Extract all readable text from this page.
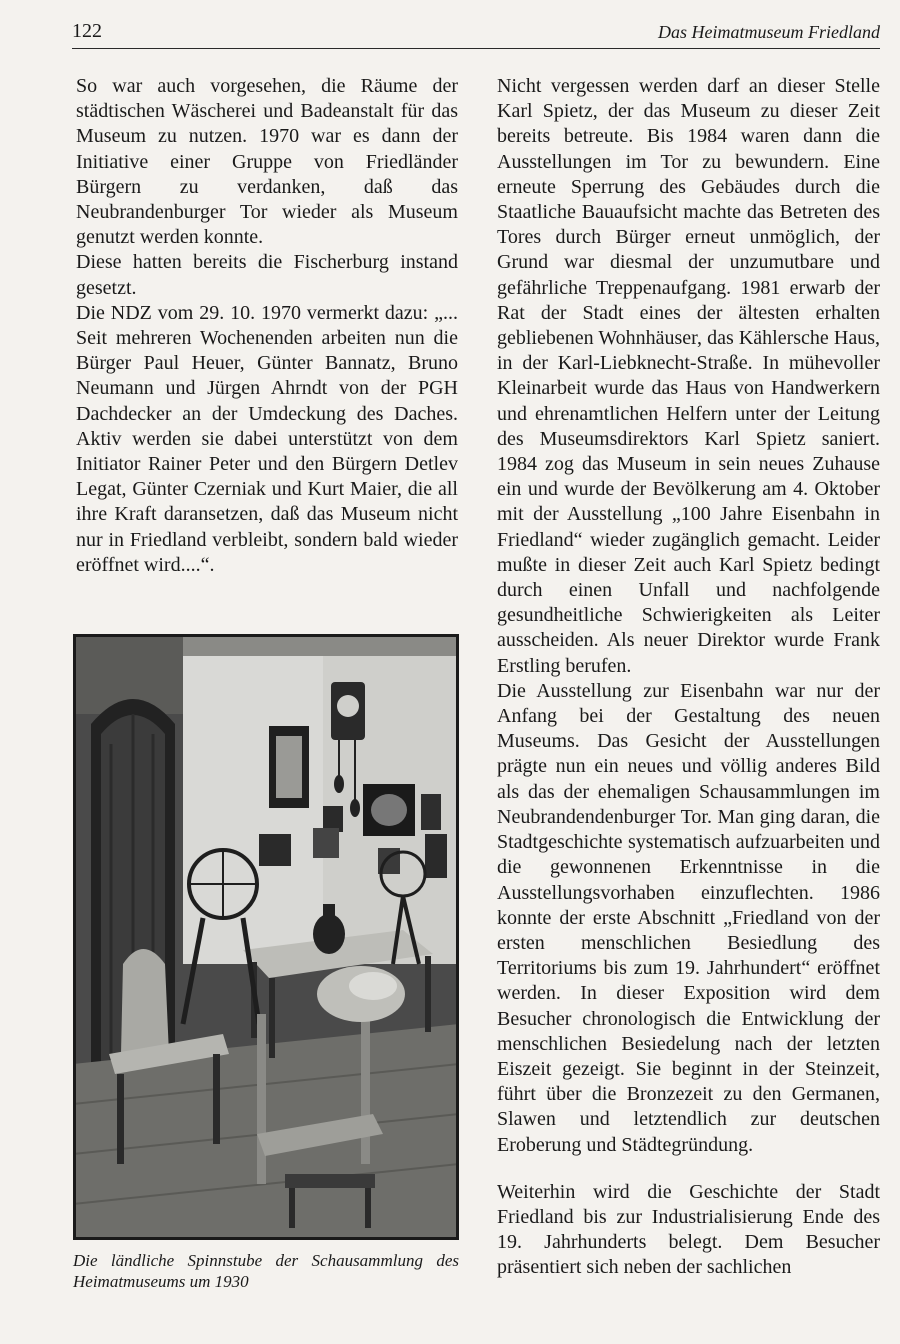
122	Das Heimatmuseum Friedland

So war auch vorgesehen, die Räume der städtischen Wäscherei und Badeanstalt für das Museum zu nutzen. 1970 war es dann der Initiative einer Gruppe von Friedländer Bürgern zu verdanken, daß das Neubrandenburger Tor wieder als Museum genutzt werden konnte.

Diese hatten bereits die Fischerburg instand gesetzt.

Die NDZ vom 29. 10. 1970 vermerkt dazu: „... Seit mehreren Wochenenden arbeiten nun die Bürger Paul Heuer, Günter Bannatz, Bruno Neumann und Jürgen Ahrndt von der PGH Dachdecker an der Umdeckung des Daches. Aktiv werden sie dabei unterstützt von dem Initiator Rainer Peter und den Bürgern Detlev Legat, Günter Czerniak und Kurt Maier, die all ihre Kraft daransetzen, daß das Museum nicht nur in Friedland verbleibt, sondern bald wieder eröffnet wird....“.

Die ländliche Spinnstube der Schausammlung des Heimatmuseums um 1930

Nicht vergessen werden darf an dieser Stelle Karl Spietz, der das Museum zu dieser Zeit bereits betreute. Bis 1984 waren dann die Ausstellungen im Tor zu bewundern. Eine erneute Sperrung des Gebäudes durch die Staatliche Bauaufsicht machte das Betreten des Tores durch Bürger erneut unmöglich, der Grund war diesmal der unzumutbare und gefährliche Treppenaufgang. 1981 erwarb der Rat der Stadt eines der ältesten erhalten gebliebenen Wohnhäuser, das Kählersche Haus, in der Karl-Liebknecht-Straße. In mühevoller Kleinarbeit wurde das Haus von Handwerkern und ehrenamtlichen Helfern unter der Leitung des Museumsdirektors Karl Spietz saniert. 1984 zog das Museum in sein neues Zuhause ein und wurde der Bevölkerung am 4. Oktober mit der Ausstellung „100 Jahre Eisenbahn in Friedland“ wieder zugänglich gemacht. Leider mußte in dieser Zeit auch Karl Spietz bedingt durch einen Unfall und nachfolgende gesundheitliche Schwierigkeiten als Leiter ausscheiden. Als neuer Direktor wurde Frank Erstling berufen.

Die Ausstellung zur Eisenbahn war nur der Anfang bei der Gestaltung des neuen Museums. Das Gesicht der Ausstellungen prägte nun ein neues und völlig anderes Bild als das der ehemaligen Schausammlungen im Neubrandendenburger Tor. Man ging daran, die Stadtgeschichte systematisch aufzuarbeiten und die gewonnenen Erkenntnisse in die Ausstellungsvorhaben einzuflechten. 1986 konnte der erste Abschnitt „Friedland von der ersten menschlichen Besiedlung des Territoriums bis zum 19. Jahrhundert“ eröffnet werden. In dieser Exposition wird dem Besucher chronologisch die Entwicklung der menschlichen Besiedelung nach der letzten Eiszeit gezeigt. Sie beginnt in der Steinzeit, führt über die Bronzezeit zu den Germanen, Slawen und letztendlich zur deutschen Eroberung und Städtegründung.

Weiterhin wird die Geschichte der Stadt Friedland bis zur Industrialisierung Ende des 19. Jahrhunderts belegt. Dem Besucher präsentiert sich neben der sachlichen
